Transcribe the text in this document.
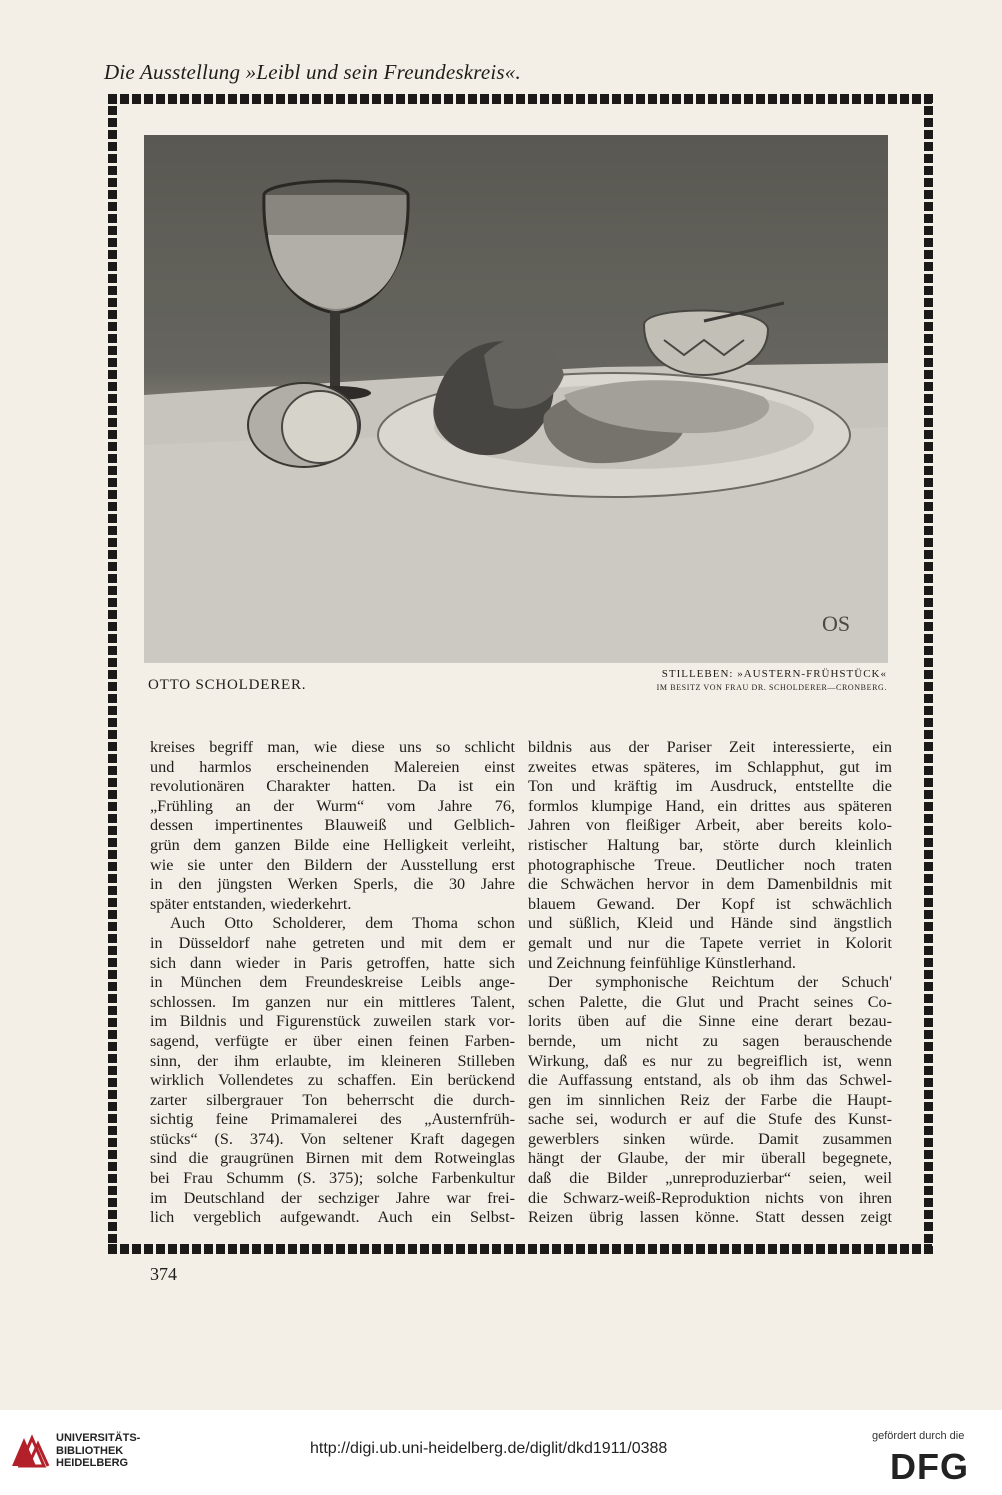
Die Ausstellung »Leibl und sein Freundeskreis«.
OS
OTTO SCHOLDERER.
STILLEBEN: »AUSTERN-FRÜHSTÜCK«
IM BESITZ VON FRAU DR. SCHOLDERER—CRONBERG.
kreises begriff man, wie diese uns so schlicht
und harmlos erscheinenden Malereien einst
revolutionären Charakter hatten. Da ist ein
„Frühling an der Wurm“ vom Jahre 76,
dessen impertinentes Blauweiß und Gelblich-
grün dem ganzen Bilde eine Helligkeit verleiht,
wie sie unter den Bildern der Ausstellung erst
in den jüngsten Werken Sperls, die 30 Jahre
später entstanden, wiederkehrt.
Auch Otto Scholderer, dem Thoma schon
in Düsseldorf nahe getreten und mit dem er
sich dann wieder in Paris getroffen, hatte sich
in München dem Freundeskreise Leibls ange-
schlossen. Im ganzen nur ein mittleres Talent,
im Bildnis und Figurenstück zuweilen stark vor-
sagend, verfügte er über einen feinen Farben-
sinn, der ihm erlaubte, im kleineren Stilleben
wirklich Vollendetes zu schaffen. Ein berückend
zarter silbergrauer Ton beherrscht die durch-
sichtig feine Primamalerei des „Austernfrüh-
stücks“ (S. 374). Von seltener Kraft dagegen
sind die graugrünen Birnen mit dem Rotweinglas
bei Frau Schumm (S. 375); solche Farbenkultur
im Deutschland der sechziger Jahre war frei-
lich vergeblich aufgewandt. Auch ein Selbst-
bildnis aus der Pariser Zeit interessierte, ein
zweites etwas späteres, im Schlapphut, gut im
Ton und kräftig im Ausdruck, entstellte die
formlos klumpige Hand, ein drittes aus späteren
Jahren von fleißiger Arbeit, aber bereits kolo-
ristischer Haltung bar, störte durch kleinlich
photographische Treue. Deutlicher noch traten
die Schwächen hervor in dem Damenbildnis mit
blauem Gewand. Der Kopf ist schwächlich
und süßlich, Kleid und Hände sind ängstlich
gemalt und nur die Tapete verriet in Kolorit
und Zeichnung feinfühlige Künstlerhand.
Der symphonische Reichtum der Schuch'
schen Palette, die Glut und Pracht seines Co-
lorits üben auf die Sinne eine derart bezau-
bernde, um nicht zu sagen berauschende
Wirkung, daß es nur zu begreiflich ist, wenn
die Auffassung entstand, als ob ihm das Schwel-
gen im sinnlichen Reiz der Farbe die Haupt-
sache sei, wodurch er auf die Stufe des Kunst-
gewerblers sinken würde. Damit zusammen
hängt der Glaube, der mir überall begegnete,
daß die Bilder „unreproduzierbar“ seien, weil
die Schwarz-weiß-Reproduktion nichts von ihren
Reizen übrig lassen könne. Statt dessen zeigt
374
UNIVERSITÄTS-
BIBLIOTHEK
HEIDELBERG
http://digi.ub.uni-heidelberg.de/diglit/dkd1911/0388
gefördert durch die
DFG
